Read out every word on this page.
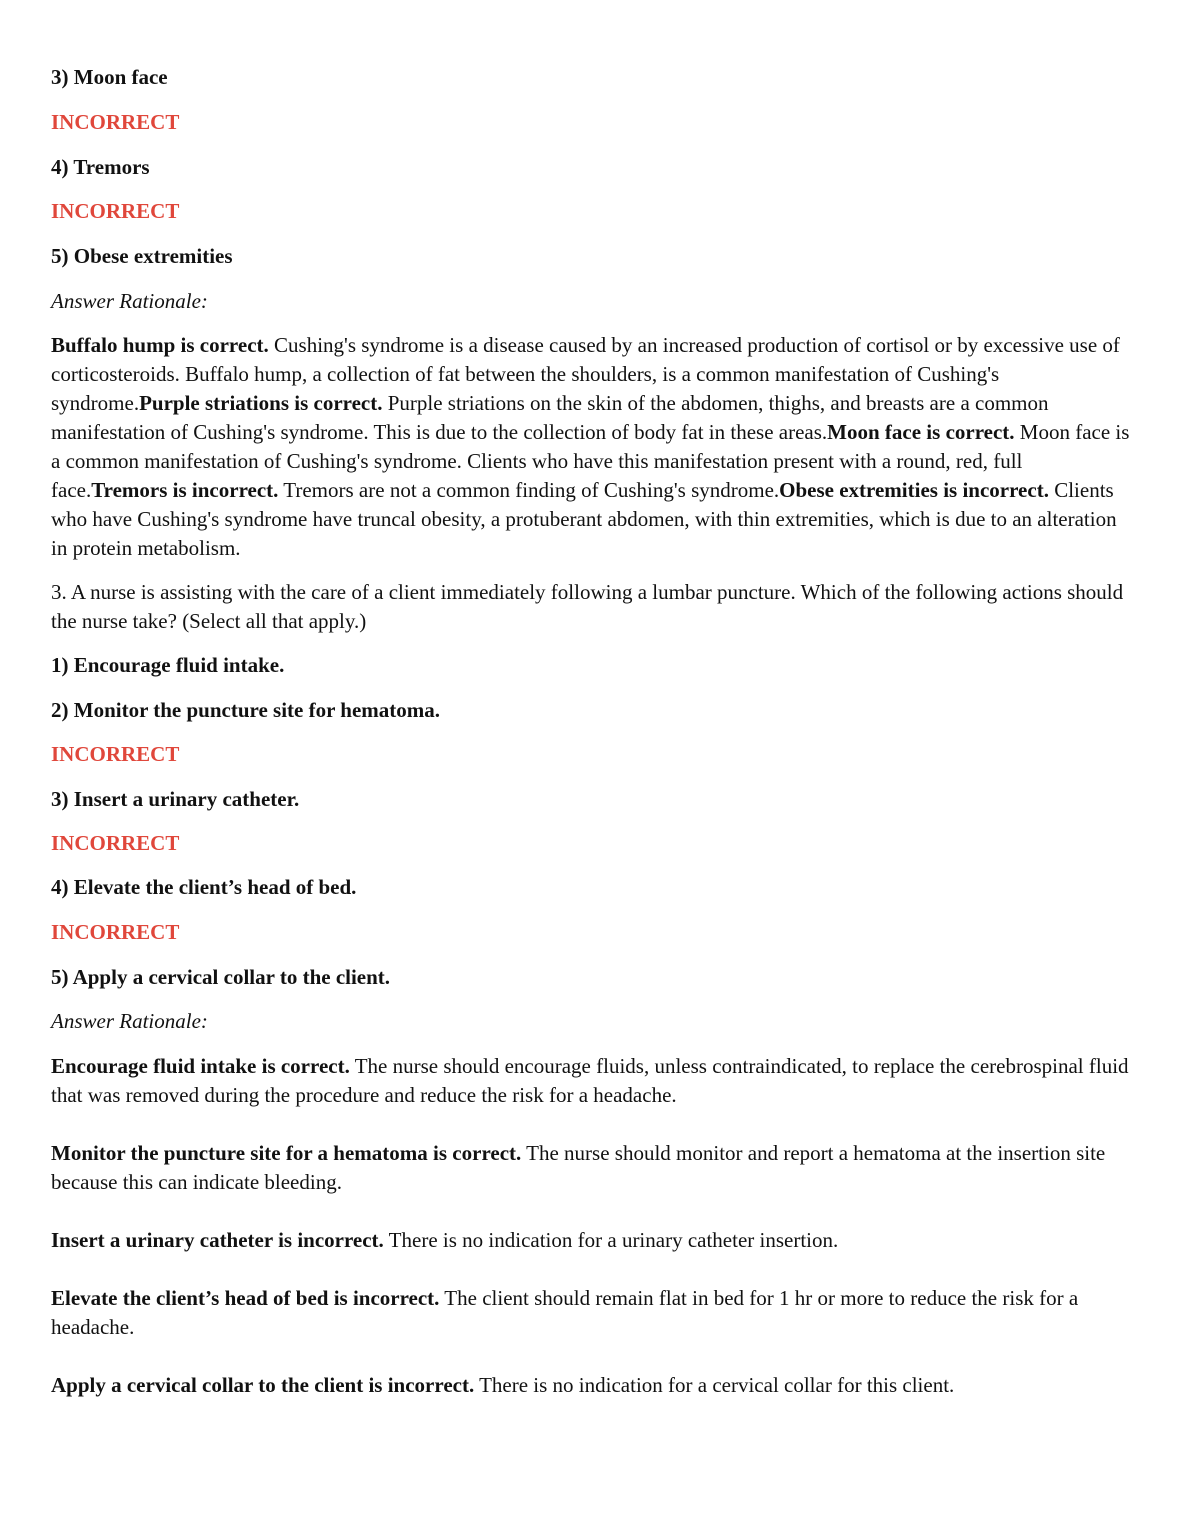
3) Moon face

INCORRECT

4) Tremors

INCORRECT

5) Obese extremities

Answer Rationale:

Buffalo hump is correct. Cushing's syndrome is a disease caused by an increased production of cortisol or by excessive use of corticosteroids. Buffalo hump, a collection of fat between the shoulders, is a common manifestation of Cushing's syndrome.Purple striations is correct. Purple striations on the skin of the abdomen, thighs, and breasts are a common manifestation of Cushing's syndrome. This is due to the collection of body fat in these areas.Moon face is correct. Moon face is a common manifestation of Cushing's syndrome. Clients who have this manifestation present with a round, red, full face.Tremors is incorrect. Tremors are not a common finding of Cushing's syndrome.Obese extremities is incorrect. Clients who have Cushing's syndrome have truncal obesity, a protuberant abdomen, with thin extremities, which is due to an alteration in protein metabolism.

3. A nurse is assisting with the care of a client immediately following a lumbar puncture. Which of the following actions should the nurse take? (Select all that apply.)

1) Encourage fluid intake.

2) Monitor the puncture site for hematoma.

INCORRECT

3) Insert a urinary catheter.

INCORRECT

4) Elevate the client’s head of bed.

INCORRECT

5) Apply a cervical collar to the client.

Answer Rationale:

Encourage fluid intake is correct. The nurse should encourage fluids, unless contraindicated, to replace the cerebrospinal fluid that was removed during the procedure and reduce the risk for a headache.

Monitor the puncture site for a hematoma is correct. The nurse should monitor and report a hematoma at the insertion site because this can indicate bleeding.

Insert a urinary catheter is incorrect. There is no indication for a urinary catheter insertion.

Elevate the client’s head of bed is incorrect. The client should remain flat in bed for 1 hr or more to reduce the risk for a headache.

Apply a cervical collar to the client is incorrect. There is no indication for a cervical collar for this client.
